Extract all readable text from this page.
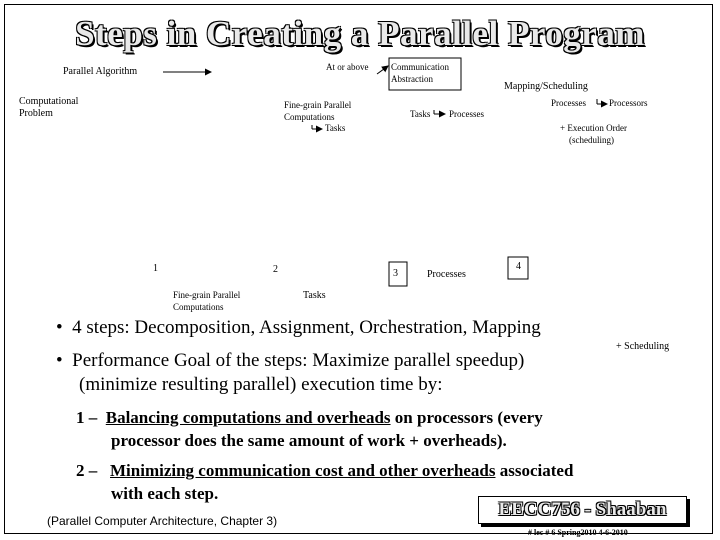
Steps in Creating a Parallel Program
Parallel Algorithm	At or above	Communication
Abstraction
Mapping/Scheduling
Computational
Problem
Fine-grain Parallel
Computations
Tasks
Tasks Processes
Processes	Processors
+ Execution Order
(scheduling)
1	2	3
4
Fine-grain Parallel
Computations
Tasks
Processes
•  4 steps: Decomposition, Assignment, Orchestration, Mapping
+ Scheduling
•  Performance Goal of the steps: Maximize parallel speedup)
(minimize resulting parallel) execution time by:
1 – Balancing computations and overheads on processors (every
processor does the same amount of work + overheads).
2 – Minimizing communication cost and other overheads associated
with each step.
(Parallel Computer Architecture, Chapter 3)
EECC756 - Shaaban
# lec # 6 Spring2010 4-6-2010
